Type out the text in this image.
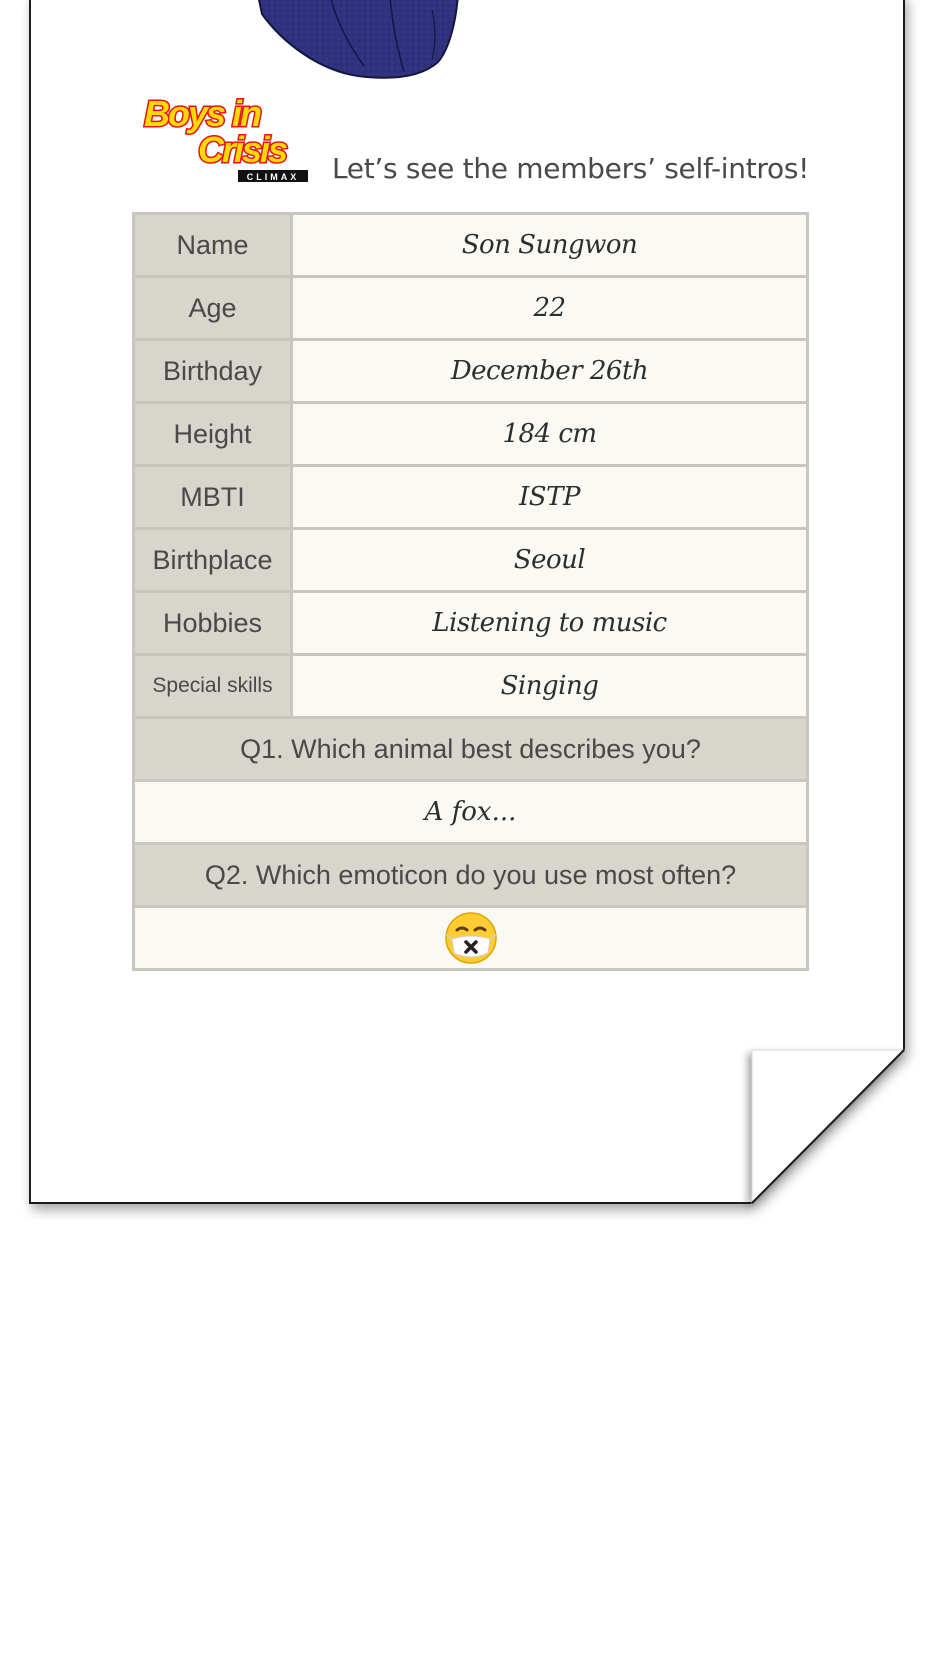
Boys in
Crisis
CLIMAX Let’s see the members’ self-intros!
Name	Son Sungwon
Age	22
Birthday	December 26th
Height	184 cm
MBTI	ISTP
Birthplace	Seoul
Hobbies	Listening to music
Special skills	Singing
Q1. Which animal best describes you?	
A fox...	
Q2. Which emoticon do you use most often?	
